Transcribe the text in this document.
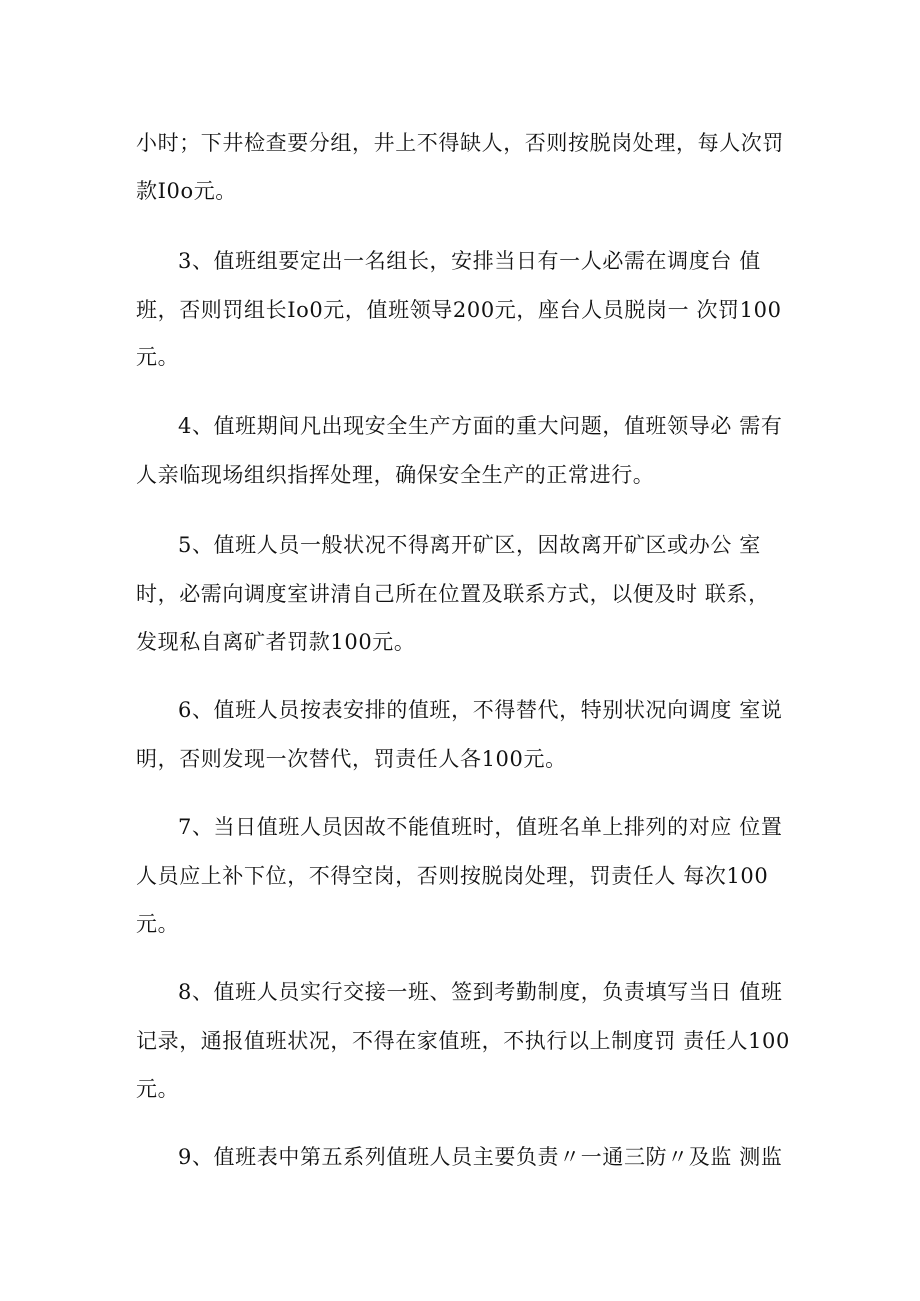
小时；下井检查要分组，井上不得缺人，否则按脱岗处理，每人次罚
款I0o元。
3、值班组要定出一名组长，安排当日有一人必需在调度台 值
班，否则罚组长Io0元，值班领导200元，座台人员脱岗一 次罚100
元。
4、值班期间凡出现安全生产方面的重大问题，值班领导必 需有
人亲临现场组织指挥处理，确保安全生产的正常进行。
5、值班人员一般状况不得离开矿区，因故离开矿区或办公 室
时，必需向调度室讲清自己所在位置及联系方式，以便及时 联系，
发现私自离矿者罚款100元。
6、值班人员按表安排的值班，不得替代，特别状况向调度 室说
明，否则发现一次替代，罚责任人各100元。
7、当日值班人员因故不能值班时，值班名单上排列的对应 位置
人员应上补下位，不得空岗，否则按脱岗处理，罚责任人 每次100
元。
8、值班人员实行交接一班、签到考勤制度，负责填写当日 值班
记录，通报值班状况，不得在家值班，不执行以上制度罚 责任人100
元。
9、值班表中第五系列值班人员主要负责〃一通三防〃及监 测监
